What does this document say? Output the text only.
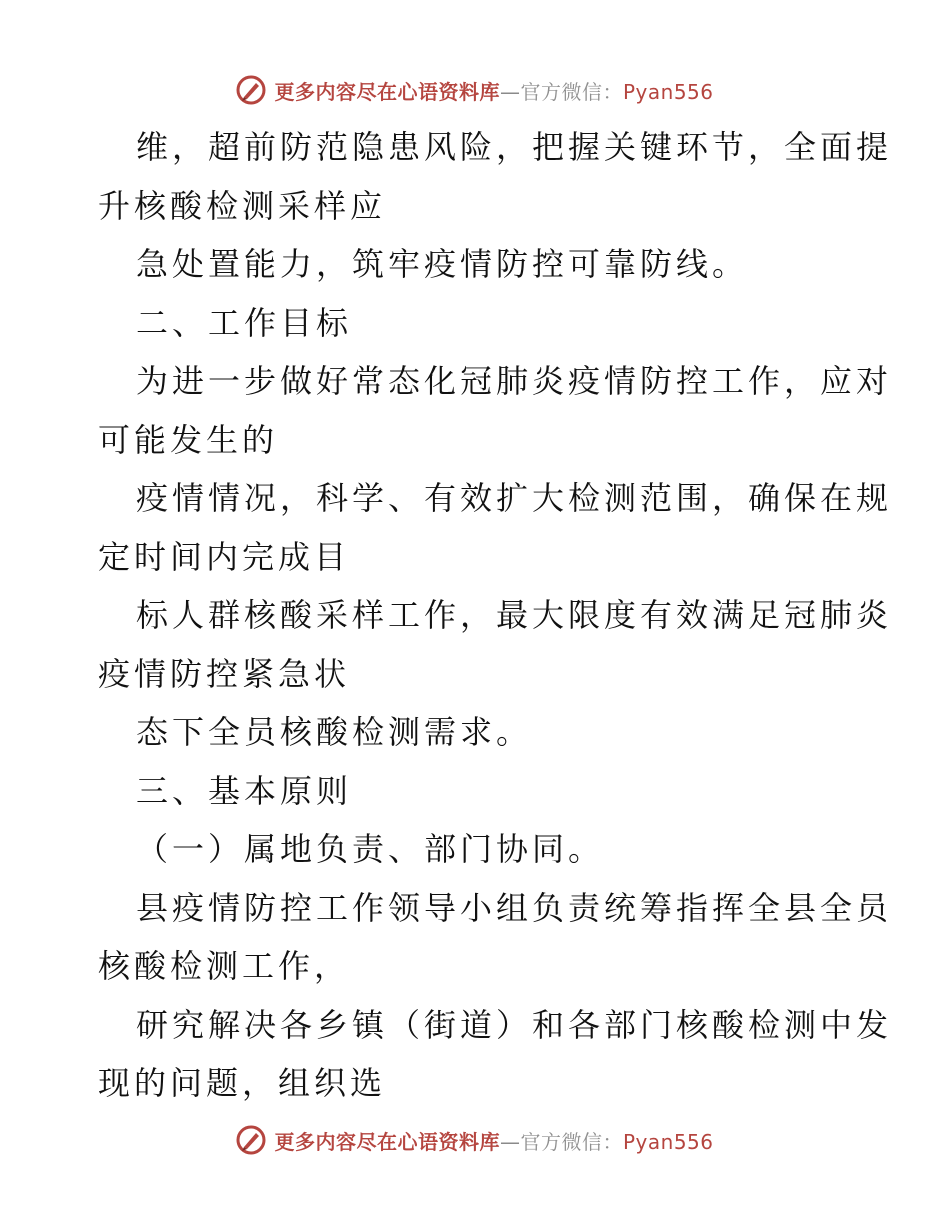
更多内容尽在心语资料库—官方微信：Pyan556
维，超前防范隐患风险，把握关键环节，全面提
升核酸检测采样应
急处置能力，筑牢疫情防控可靠防线。
二、工作目标
为进一步做好常态化冠肺炎疫情防控工作，应对
可能发生的
疫情情况，科学、有效扩大检测范围，确保在规
定时间内完成目
标人群核酸采样工作，最大限度有效满足冠肺炎
疫情防控紧急状
态下全员核酸检测需求。
三、基本原则
（一）属地负责、部门协同。
县疫情防控工作领导小组负责统筹指挥全县全员
核酸检测工作，
研究解决各乡镇（街道）和各部门核酸检测中发
现的问题，组织选
更多内容尽在心语资料库—官方微信：Pyan556
